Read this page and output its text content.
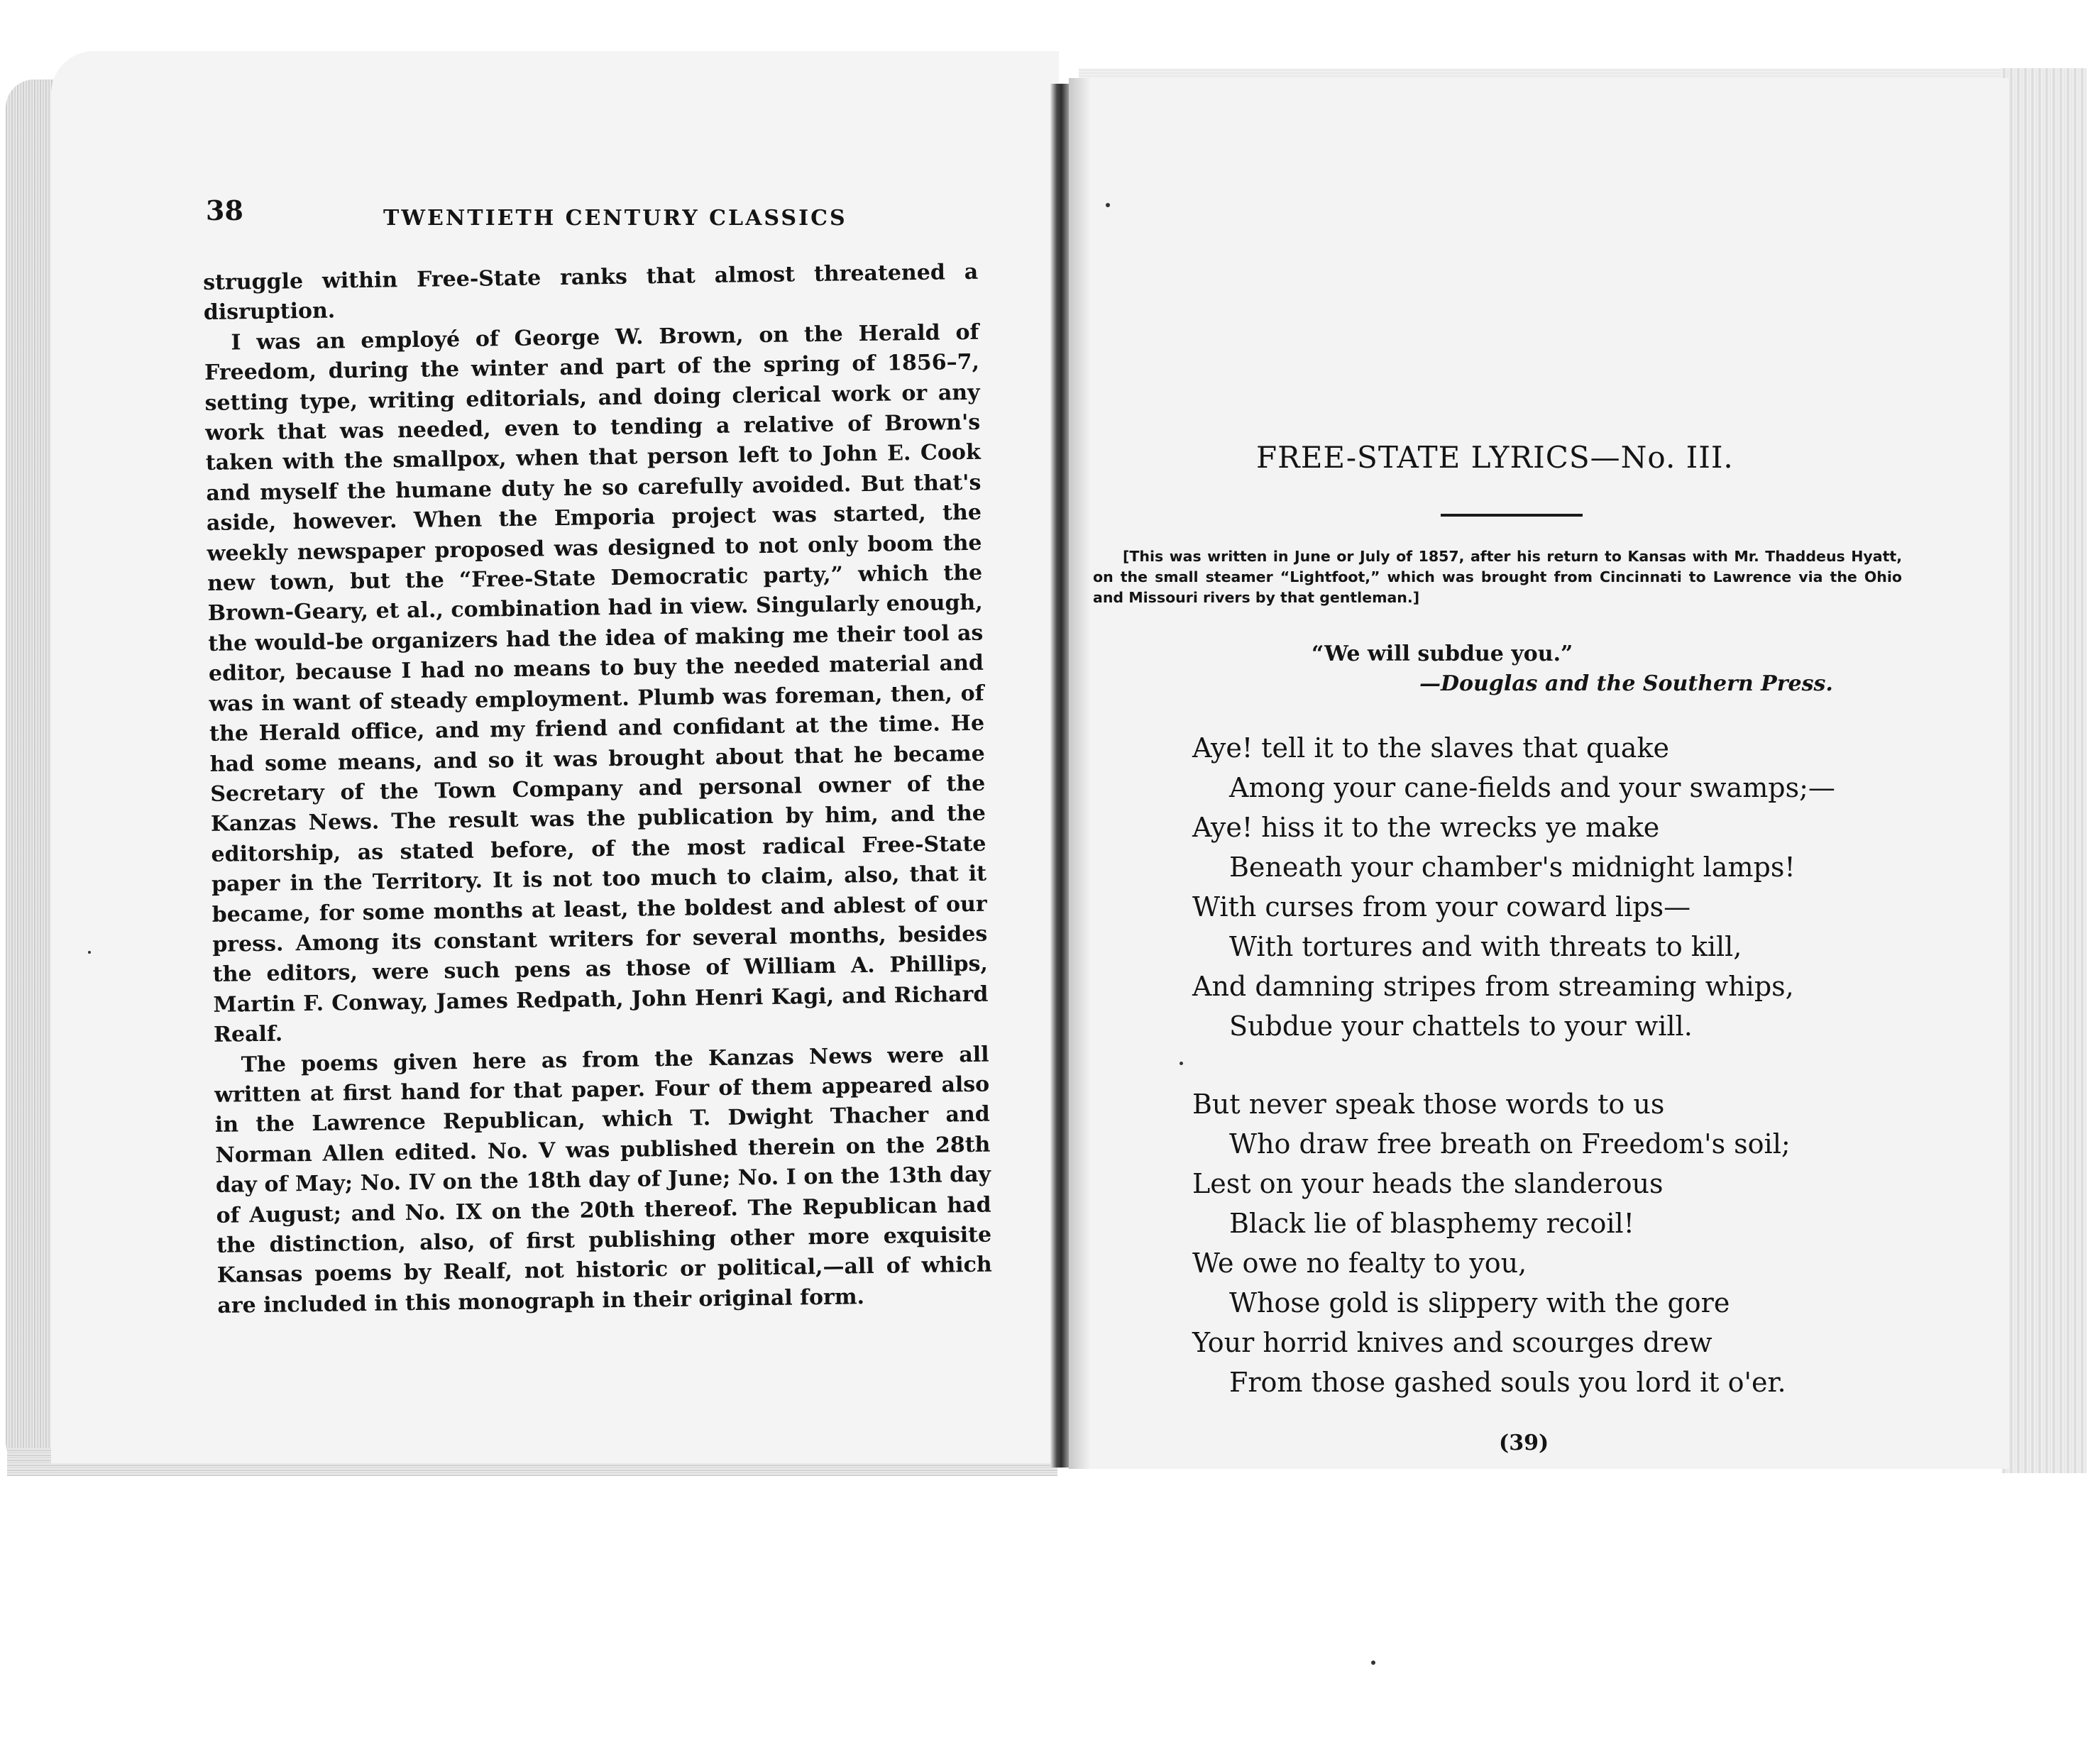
38	TWENTIETH CENTURY CLASSICS

struggle within Free-State ranks that almost threatened a disruption.

I was an employé of George W. Brown, on the Herald of Freedom, during the winter and part of the spring of 1856–7, setting type, writing editorials, and doing clerical work or any work that was needed, even to tending a relative of Brown's taken with the smallpox, when that person left to John E. Cook and myself the humane duty he so carefully avoided. But that's aside, however. When the Emporia project was started, the weekly newspaper proposed was designed to not only boom the new town, but the “Free-State Democratic party,” which the Brown-Geary, et al., combination had in view. Singularly enough, the would-be organizers had the idea of making me their tool as editor, because I had no means to buy the needed material and was in want of steady employment. Plumb was foreman, then, of the Herald office, and my friend and confidant at the time. He had some means, and so it was brought about that he became Secretary of the Town Company and personal owner of the Kanzas News. The result was the publication by him, and the editorship, as stated before, of the most radical Free-State paper in the Territory. It is not too much to claim, also, that it became, for some months at least, the boldest and ablest of our press. Among its constant writers for several months, besides the editors, were such pens as those of William A. Phillips, Martin F. Conway, James Redpath, John Henri Kagi, and Richard Realf.

The poems given here as from the Kanzas News were all written at first hand for that paper. Four of them appeared also in the Lawrence Republican, which T. Dwight Thacher and Norman Allen edited. No. V was published therein on the 28th day of May; No. IV on the 18th day of June; No. I on the 13th day of August; and No. IX on the 20th thereof. The Republican had the distinction, also, of first publishing other more exquisite Kansas poems by Realf, not historic or political,—all of which are included in this monograph in their original form.

FREE-STATE LYRICS—No. III.
[This was written in June or July of 1857, after his return to Kansas with Mr. Thaddeus Hyatt, on the small steamer “Lightfoot,” which was brought from Cincinnati to Lawrence via the Ohio and Missouri rivers by that gentleman.]
“We will subdue you.”
—Douglas and the Southern Press.
Aye! tell it to the slaves that quake
Among your cane-fields and your swamps;—
Aye! hiss it to the wrecks ye make
Beneath your chamber's midnight lamps!
With curses from your coward lips—
With tortures and with threats to kill,
And damning stripes from streaming whips,
Subdue your chattels to your will.
But never speak those words to us
Who draw free breath on Freedom's soil;
Lest on your heads the slanderous
Black lie of blasphemy recoil!
We owe no fealty to you,
Whose gold is slippery with the gore
Your horrid knives and scourges drew
From those gashed souls you lord it o'er.
(39)
